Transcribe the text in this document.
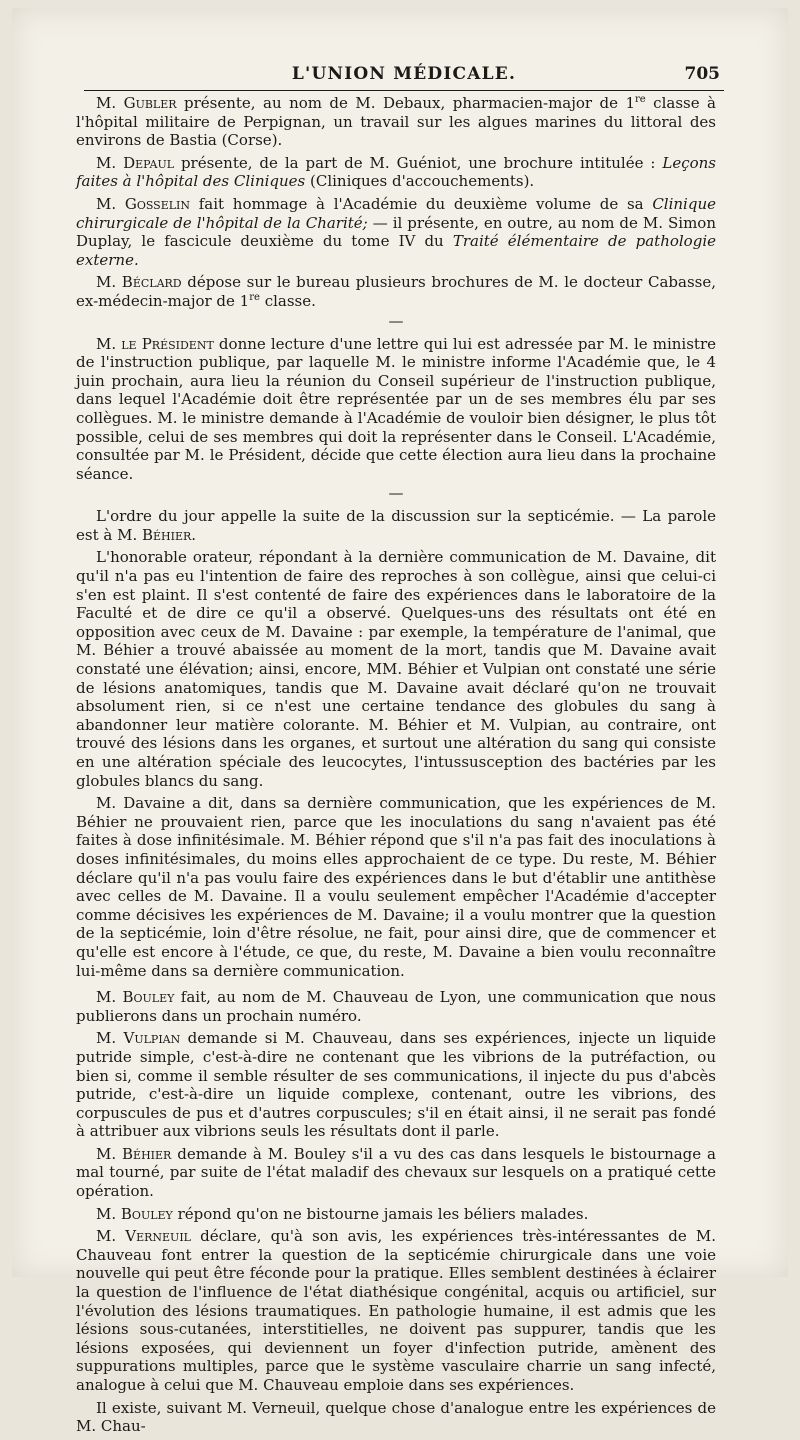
L'UNION MÉDICALE.	705

M. Gubler présente, au nom de M. Debaux, pharmacien-major de 1re classe à l'hôpital militaire de Perpignan, un travail sur les algues marines du littoral des environs de Bastia (Corse).

M. Depaul présente, de la part de M. Guéniot, une brochure intitulée : Leçons faites à l'hôpital des Cliniques (Cliniques d'accouchements).

M. Gosselin fait hommage à l'Académie du deuxième volume de sa Clinique chirurgicale de l'hôpital de la Charité; — il présente, en outre, au nom de M. Simon Duplay, le fascicule deuxième du tome IV du Traité élémentaire de pathologie externe.

M. Béclard dépose sur le bureau plusieurs brochures de M. le docteur Cabasse, ex-médecin-major de 1re classe.

—

M. le Président donne lecture d'une lettre qui lui est adressée par M. le ministre de l'instruction publique, par laquelle M. le ministre informe l'Académie que, le 4 juin prochain, aura lieu la réunion du Conseil supérieur de l'instruction publique, dans lequel l'Académie doit être représentée par un de ses membres élu par ses collègues. M. le ministre demande à l'Académie de vouloir bien désigner, le plus tôt possible, celui de ses membres qui doit la représenter dans le Conseil. L'Académie, consultée par M. le Président, décide que cette élection aura lieu dans la prochaine séance.

—

L'ordre du jour appelle la suite de la discussion sur la septicémie. — La parole est à M. Béhier.

L'honorable orateur, répondant à la dernière communication de M. Davaine, dit qu'il n'a pas eu l'intention de faire des reproches à son collègue, ainsi que celui-ci s'en est plaint. Il s'est contenté de faire des expériences dans le laboratoire de la Faculté et de dire ce qu'il a observé. Quelques-uns des résultats ont été en opposition avec ceux de M. Davaine : par exemple, la température de l'animal, que M. Béhier a trouvé abaissée au moment de la mort, tandis que M. Davaine avait constaté une élévation; ainsi, encore, MM. Béhier et Vulpian ont constaté une série de lésions anatomiques, tandis que M. Davaine avait déclaré qu'on ne trouvait absolument rien, si ce n'est une certaine tendance des globules du sang à abandonner leur matière colorante. M. Béhier et M. Vulpian, au contraire, ont trouvé des lésions dans les organes, et surtout une altération du sang qui consiste en une altération spéciale des leucocytes, l'intussusception des bactéries par les globules blancs du sang.

M. Davaine a dit, dans sa dernière communication, que les expériences de M. Béhier ne prouvaient rien, parce que les inoculations du sang n'avaient pas été faites à dose infinitésimale. M. Béhier répond que s'il n'a pas fait des inoculations à doses infinitésimales, du moins elles approchaient de ce type. Du reste, M. Béhier déclare qu'il n'a pas voulu faire des expériences dans le but d'établir une antithèse avec celles de M. Davaine. Il a voulu seulement empêcher l'Académie d'accepter comme décisives les expériences de M. Davaine; il a voulu montrer que la question de la septicémie, loin d'être résolue, ne fait, pour ainsi dire, que de commencer et qu'elle est encore à l'étude, ce que, du reste, M. Davaine a bien voulu reconnaître lui-même dans sa dernière communication.

M. Bouley fait, au nom de M. Chauveau de Lyon, une communication que nous publierons dans un prochain numéro.

M. Vulpian demande si M. Chauveau, dans ses expériences, injecte un liquide putride simple, c'est-à-dire ne contenant que les vibrions de la putréfaction, ou bien si, comme il semble résulter de ses communications, il injecte du pus d'abcès putride, c'est-à-dire un liquide complexe, contenant, outre les vibrions, des corpuscules de pus et d'autres corpuscules; s'il en était ainsi, il ne serait pas fondé à attribuer aux vibrions seuls les résultats dont il parle.

M. Béhier demande à M. Bouley s'il a vu des cas dans lesquels le bistournage a mal tourné, par suite de l'état maladif des chevaux sur lesquels on a pratiqué cette opération.

M. Bouley répond qu'on ne bistourne jamais les béliers malades.

M. Verneuil déclare, qu'à son avis, les expériences très-intéressantes de M. Chauveau font entrer la question de la septicémie chirurgicale dans une voie nouvelle qui peut être féconde pour la pratique. Elles semblent destinées à éclairer la question de l'influence de l'état diathésique congénital, acquis ou artificiel, sur l'évolution des lésions traumatiques. En pathologie humaine, il est admis que les lésions sous-cutanées, interstitielles, ne doivent pas suppurer, tandis que les lésions exposées, qui deviennent un foyer d'infection putride, amènent des suppurations multiples, parce que le système vasculaire charrie un sang infecté, analogue à celui que M. Chauveau emploie dans ses expériences.

Il existe, suivant M. Verneuil, quelque chose d'analogue entre les expériences de M. Chau-
